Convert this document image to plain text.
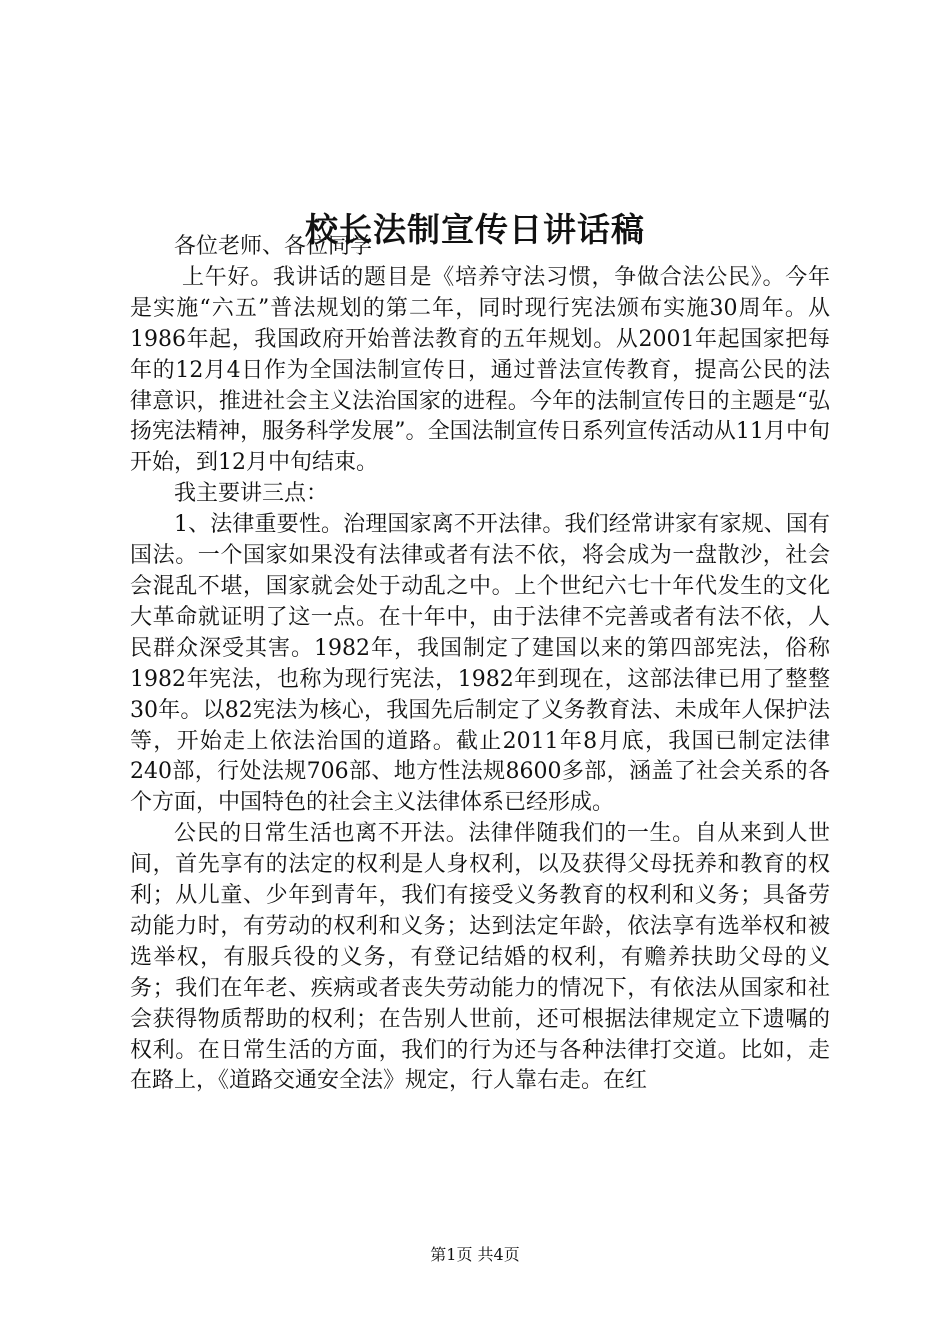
校长法制宣传日讲话稿

各位老师、各位同学

上午好。我讲话的题目是《培养守法习惯，争做合法公民》。今年是实施“六五”普法规划的第二年，同时现行宪法颁布实施30周年。从1986年起，我国政府开始普法教育的五年规划。从2001年起国家把每年的12月4日作为全国法制宣传日，通过普法宣传教育，提高公民的法律意识，推进社会主义法治国家的进程。今年的法制宣传日的主题是“弘扬宪法精神，服务科学发展”。全国法制宣传日系列宣传活动从11月中旬开始，到12月中旬结束。

我主要讲三点：

1、法律重要性。治理国家离不开法律。我们经常讲家有家规、国有国法。一个国家如果没有法律或者有法不依，将会成为一盘散沙，社会会混乱不堪，国家就会处于动乱之中。上个世纪六七十年代发生的文化大革命就证明了这一点。在十年中，由于法律不完善或者有法不依，人民群众深受其害。1982年，我国制定了建国以来的第四部宪法，俗称1982年宪法，也称为现行宪法，1982年到现在，这部法律已用了整整30年。以82宪法为核心，我国先后制定了义务教育法、未成年人保护法等，开始走上依法治国的道路。截止2011年8月底，我国已制定法律240部，行处法规706部、地方性法规8600多部，涵盖了社会关系的各个方面，中国特色的社会主义法律体系已经形成。

公民的日常生活也离不开法。法律伴随我们的一生。自从来到人世间，首先享有的法定的权利是人身权利，以及获得父母抚养和教育的权利；从儿童、少年到青年，我们有接受义务教育的权利和义务；具备劳动能力时，有劳动的权利和义务；达到法定年龄，依法享有选举权和被选举权，有服兵役的义务，有登记结婚的权利，有赡养扶助父母的义务；我们在年老、疾病或者丧失劳动能力的情况下，有依法从国家和社会获得物质帮助的权利；在告别人世前，还可根据法律规定立下遗嘱的权利。在日常生活的方面，我们的行为还与各种法律打交道。比如，走在路上，《道路交通安全法》规定，行人靠右走。在红

第1页 共4页
